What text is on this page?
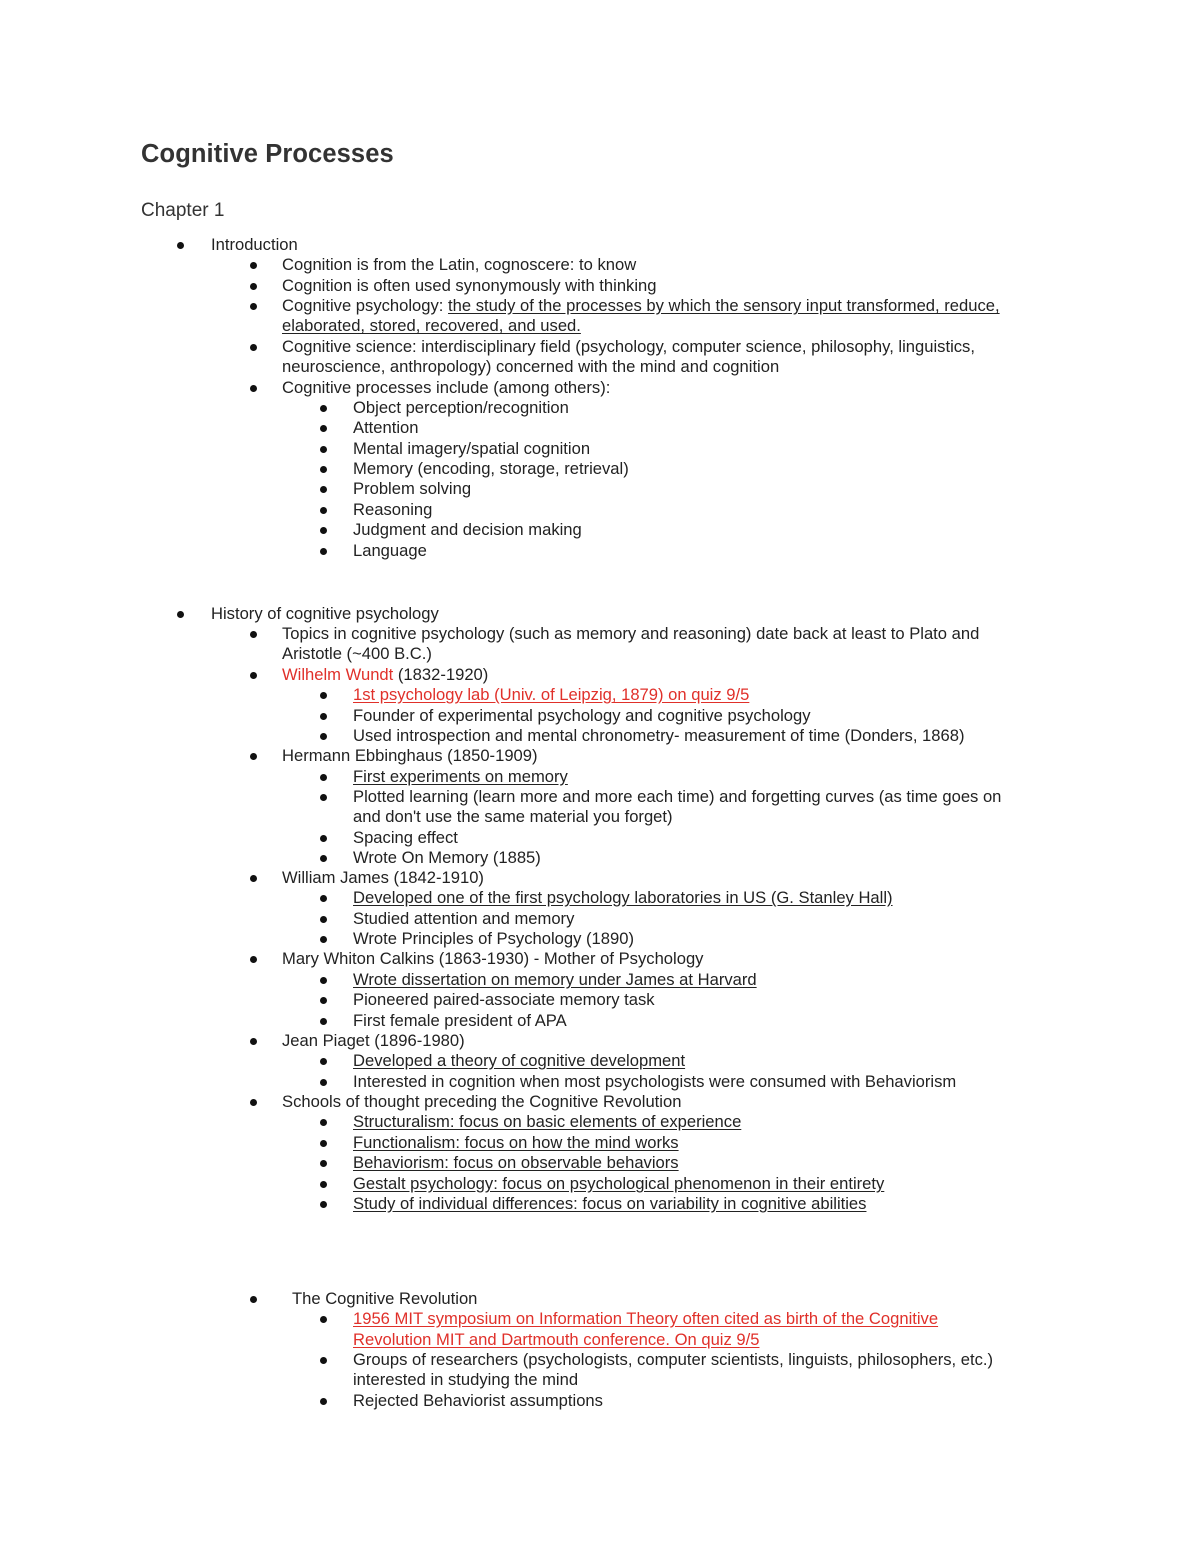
Cognitive Processes
Chapter 1
Introduction
Cognition is from the Latin, cognoscere: to know
Cognition is often used synonymously with thinking
Cognitive psychology: the study of the processes by which the sensory input transformed, reduce,
elaborated, stored, recovered, and used.
Cognitive science: interdisciplinary field (psychology, computer science, philosophy, linguistics,
neuroscience, anthropology) concerned with the mind and cognition
Cognitive processes include (among others):
Object perception/recognition
Attention
Mental imagery/spatial cognition
Memory (encoding, storage, retrieval)
Problem solving
Reasoning
Judgment and decision making
Language
History of cognitive psychology
Topics in cognitive psychology (such as memory and reasoning) date back at least to Plato and
Aristotle (~400 B.C.)
Wilhelm Wundt (1832-1920)
1st psychology lab (Univ. of Leipzig, 1879) on quiz 9/5
Founder of experimental psychology and cognitive psychology
Used introspection and mental chronometry- measurement of time (Donders, 1868)
Hermann Ebbinghaus (1850-1909)
First experiments on memory
Plotted learning (learn more and more each time) and forgetting curves (as time goes on
and don't use the same material you forget)
Spacing effect
Wrote On Memory (1885)
William James (1842-1910)
Developed one of the first psychology laboratories in US (G. Stanley Hall)
Studied attention and memory
Wrote Principles of Psychology (1890)
Mary Whiton Calkins (1863-1930) - Mother of Psychology
Wrote dissertation on memory under James at Harvard
Pioneered paired-associate memory task
First female president of APA
Jean Piaget (1896-1980)
Developed a theory of cognitive development
Interested in cognition when most psychologists were consumed with Behaviorism
Schools of thought preceding the Cognitive Revolution
Structuralism: focus on basic elements of experience
Functionalism: focus on how the mind works
Behaviorism: focus on observable behaviors
Gestalt psychology: focus on psychological phenomenon in their entirety
Study of individual differences: focus on variability in cognitive abilities
The Cognitive Revolution
1956 MIT symposium on Information Theory often cited as birth of the Cognitive
Revolution MIT and Dartmouth conference. On quiz 9/5
Groups of researchers (psychologists, computer scientists, linguists, philosophers, etc.)
interested in studying the mind
Rejected Behaviorist assumptions
